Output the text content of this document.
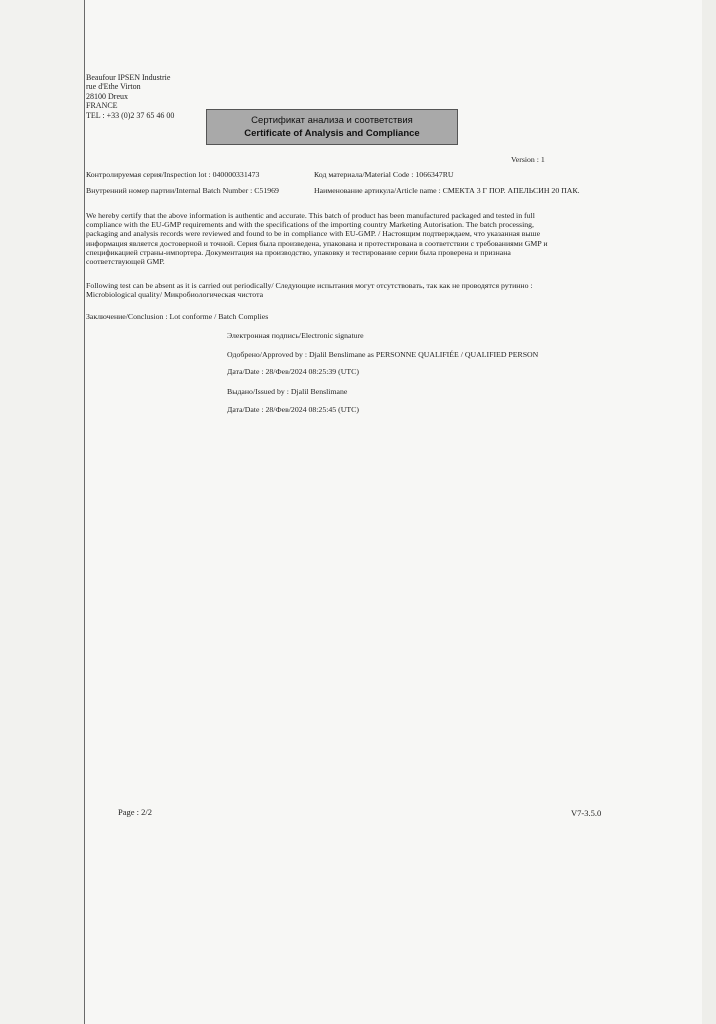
Beaufour IPSEN Industrie
rue d'Ethe Virton
28100 Dreux
FRANCE
TEL : +33 (0)2 37 65 46 00	Сертификат анализа и соответствия
Certificate of Analysis and Compliance
Version : 1
Контролируемая серия/Inspection lot : 040000331473	Код материала/Material Code : 1066347RU
Внутренний номер партии/Internal Batch Number : C51969	Наименование артикула/Article name : СМЕКТА 3 Г ПОР. АПЕЛЬСИН 20 ПАК.
We hereby certify that the above information is authentic and accurate. This batch of product has been manufactured packaged and tested in full
compliance with the EU-GMP requirements and with the specifications of the importing country Marketing Autorisation. The batch processing,
packaging and analysis records were reviewed and found to be in compliance with EU-GMP. / Настоящим подтверждаем, что указанная выше
информация является достоверной и точной. Серия была произведена, упакована и протестирована в соответствии с требованиями GMP и
спецификацией страны-импортера. Документация на производство, упаковку и тестирование серии была проверена и признана
соответствующей GMP.
Following test can be absent as it is carried out periodically/ Следующие испытания могут отсутствовать, так как не проводятся рутинно :
Microbiological quality/ Микробиологическая чистота
Заключение/Conclusion : Lot conforme / Batch Complies
Электронная подпись/Electronic signature
Одобрено/Approved by : Djalil Benslimane as PERSONNE QUALIFIÉE / QUALIFIED PERSON
Дата/Date : 28/Фев/2024 08:25:39 (UTC)
Выдано/Issued by : Djalil Benslimane
Дата/Date : 28/Фев/2024 08:25:45 (UTC)
Page : 2/2	V7-3.5.0
